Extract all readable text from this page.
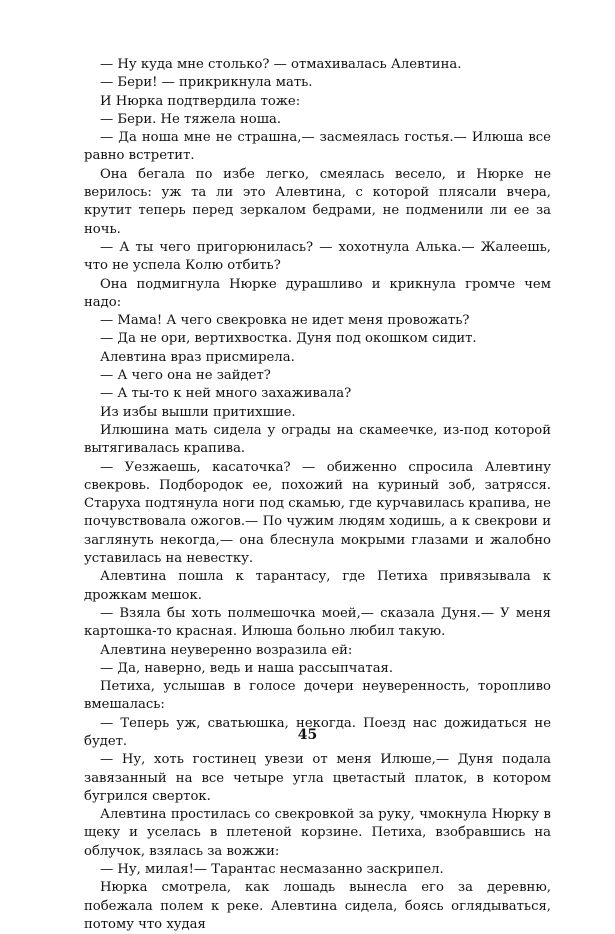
— Ну куда мне столько? — отмахивалась Алевтина.

— Бери! — прикрикнула мать.

И Нюрка подтвердила тоже:

— Бери. Не тяжела ноша.

— Да ноша мне не страшна,— засмеялась гостья.— Илюша все равно встретит.

Она бегала по избе легко, смеялась весело, и Нюрке не верилось: уж та ли это Алевтина, с которой плясали вчера, крутит теперь перед зеркалом бедрами, не подменили ли ее за ночь.

— А ты чего пригорюнилась? — хохотнула Алька.— Жалеешь, что не успела Колю отбить?

Она подмигнула Нюрке дурашливо и крикнула громче чем надо:

— Мама! А чего свекровка не идет меня провожать?

— Да не ори, вертихвостка. Дуня под окошком сидит.

Алевтина враз присмирела.

— А чего она не зайдет?

— А ты-то к ней много захаживала?

Из избы вышли притихшие.

Илюшина мать сидела у ограды на скамеечке, из-под которой вытягивалась крапива.

— Уезжаешь, касаточка? — обиженно спросила Алевтину свекровь. Подбородок ее, похожий на куриный зоб, затрясся. Старуха подтянула ноги под скамью, где курчавилась крапива, не почувствовала ожогов.— По чужим людям ходишь, а к свекрови и заглянуть некогда,— она блеснула мокрыми глазами и жалобно уставилась на невестку.

Алевтина пошла к тарантасу, где Петиха привязывала к дрожкам мешок.

— Взяла бы хоть полмешочка моей,— сказала Дуня.— У меня картошка-то красная. Илюша больно любил такую.

Алевтина неуверенно возразила ей:

— Да, наверно, ведь и наша рассыпчатая.

Петиха, услышав в голосе дочери неуверенность, торопливо вмешалась:

— Теперь уж, сватьюшка, некогда. Поезд нас дожидаться не будет.

— Ну, хоть гостинец увези от меня Илюше,— Дуня подала завязанный на все четыре угла цветастый платок, в котором бугрился сверток.

Алевтина простилась со свекровкой за руку, чмокнула Нюрку в щеку и уселась в плетеной корзине. Петиха, взобравшись на облучок, взялась за вожжи:

— Ну, милая!— Тарантас несмазанно заскрипел.

Нюрка смотрела, как лошадь вынесла его за деревню, побежала полем к реке. Алевтина сидела, боясь оглядываться, потому что худая

45
